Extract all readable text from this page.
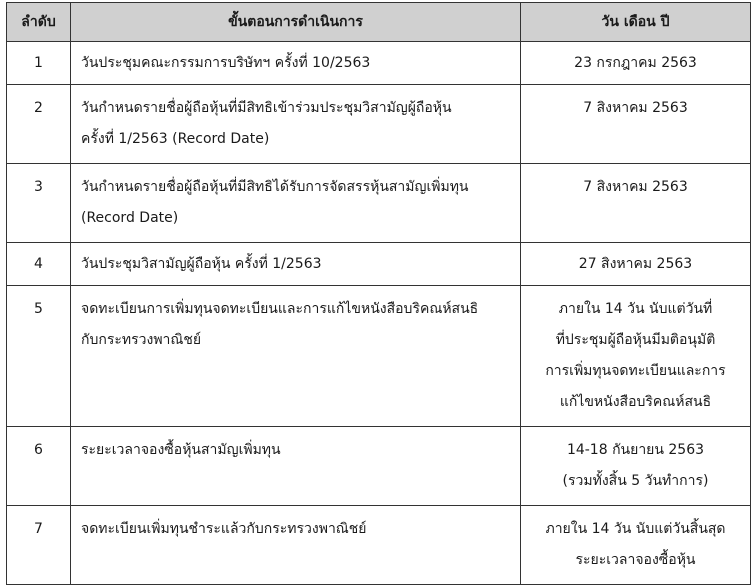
ลำดับ	ขั้นตอนการดำเนินการ	วัน เดือน ปี
1	วันประชุมคณะกรรมการบริษัทฯ ครั้งที่ 10/2563	23 กรกฎาคม 2563

2	วันกำหนดรายชื่อผู้ถือหุ้นที่มีสิทธิเข้าร่วมประชุมวิสามัญผู้ถือหุ้น
ครั้งที่ 1/2563 (Record Date)	7 สิงหาคม 2563

3	วันกำหนดรายชื่อผู้ถือหุ้นที่มีสิทธิได้รับการจัดสรรหุ้นสามัญเพิ่มทุน
(Record Date)	7 สิงหาคม 2563

4	วันประชุมวิสามัญผู้ถือหุ้น ครั้งที่ 1/2563	27 สิงหาคม 2563

5	จดทะเบียนการเพิ่มทุนจดทะเบียนและการแก้ไขหนังสือบริคณห์สนธิ
กับกระทรวงพาณิชย์	ภายใน 14 วัน นับแต่วันที่
ที่ประชุมผู้ถือหุ้นมีมติอนุมัติ
การเพิ่มทุนจดทะเบียนและการ
แก้ไขหนังสือบริคณห์สนธิ

6	ระยะเวลาจองซื้อหุ้นสามัญเพิ่มทุน	14-18 กันยายน 2563
(รวมทั้งสิ้น 5 วันทำการ)

7	จดทะเบียนเพิ่มทุนชำระแล้วกับกระทรวงพาณิชย์	ภายใน 14 วัน นับแต่วันสิ้นสุด
ระยะเวลาจองซื้อหุ้น
